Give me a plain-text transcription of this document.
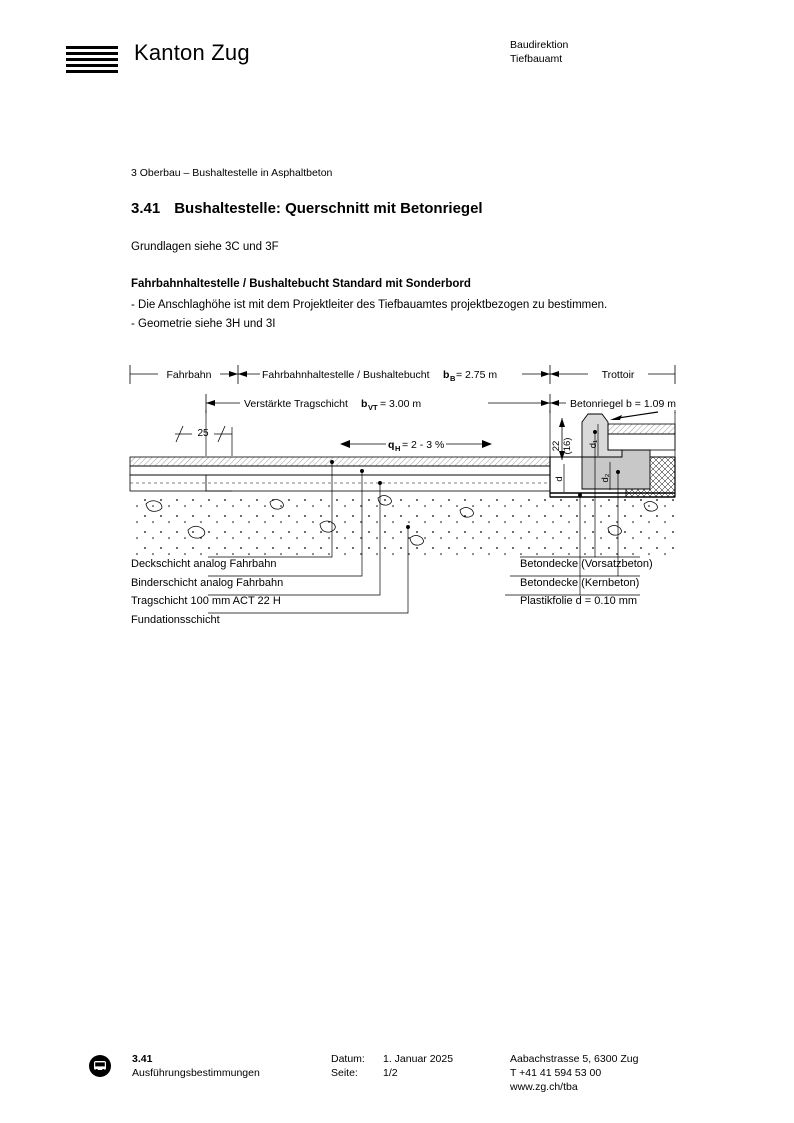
Kanton Zug	Baudirektion
Tiefbauamt
3 Oberbau – Bushaltestelle in Asphaltbeton
3.41 Bushaltestelle: Querschnitt mit Betonriegel
Grundlagen siehe 3C und 3F
Fahrbahnhaltestelle / Bushaltebucht Standard mit Sonderbord
- Die Anschlaghöhe ist mit dem Projektleiter des Tiefbauamtes projektbezogen zu bestimmen.
- Geometrie siehe 3H und 3I
Fahrbahn	Fahrbahnhaltestelle / Bushaltebucht b B = 2.75 m	Trottoir
Verstärkte Tragschicht b VT = 3.00 m	Betonriegel b = 1.09 m
25
q H = 2 - 3 %	22 (16) d₁
d	d₂
Deckschicht analog Fahrbahn
Binderschicht analog Fahrbahn
Tragschicht 100 mm ACT 22 H
Fundationsschicht
Betondecke (Vorsatzbeton)
Betondecke (Kernbeton)
Plastikfolie d = 0.10 mm
3.41
Ausführungsbestimmungen
Datum: 1. Januar 2025
Seite: 1/2
Aabachstrasse 5, 6300 Zug
T +41 41 594 53 00
www.zg.ch/tba
